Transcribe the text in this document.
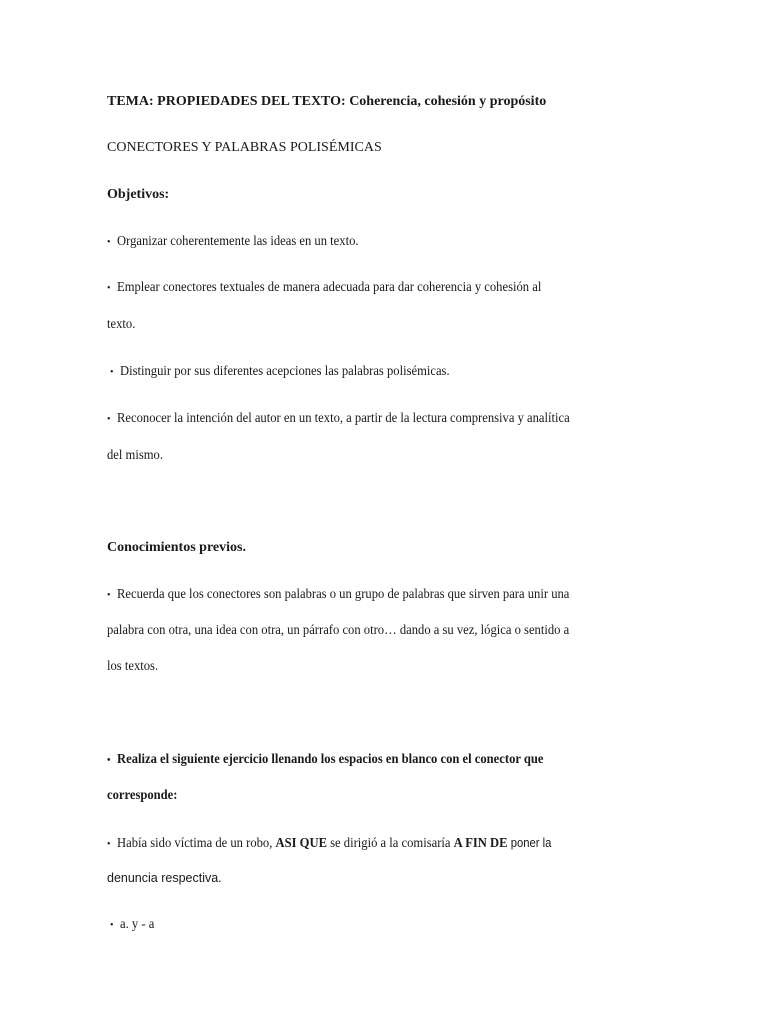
TEMA: PROPIEDADES DEL TEXTO: Coherencia, cohesión y propósito
CONECTORES Y PALABRAS POLISÉMICAS
Objetivos:
• Organizar coherentemente las ideas en un texto.
• Emplear conectores textuales de manera adecuada para dar coherencia y cohesión al
texto.
• Distinguir por sus diferentes acepciones las palabras polisémicas.
• Reconocer la intención del autor en un texto, a partir de la lectura comprensiva y analítica
del mismo.
Conocimientos previos.
• Recuerda que los conectores son palabras o un grupo de palabras que sirven para unir una
palabra con otra, una idea con otra, un párrafo con otro… dando a su vez, lógica o sentido a
los textos.
• Realiza el siguiente ejercicio llenando los espacios en blanco con el conector que
corresponde:
• Había sido víctima de un robo, ASI QUE se dirigió a la comisaría A FIN DE poner la
denuncia respectiva.
• a. y - a
